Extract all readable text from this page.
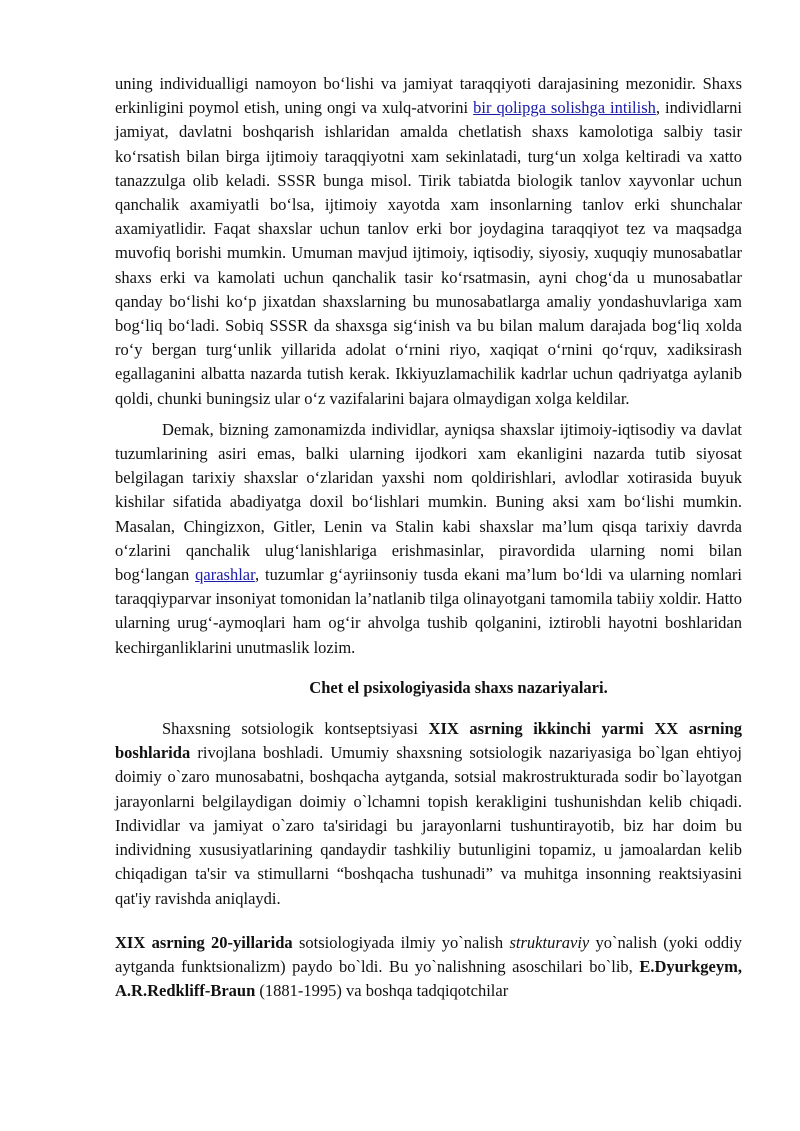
uning individualligi namoyon bo‘lishi va jamiyat taraqqiyoti darajasining mezonidir. Shaxs erkinligini poymol etish, uning ongi va xulq-atvorini bir qolipga solishga intilish, individlarni jamiyat, davlatni boshqarish ishlaridan amalda chetlatish shaxs kamolotiga salbiy tasir ko‘rsatish bilan birga ijtimoiy taraqqiyotni xam sekinlatadi, turg‘un xolga keltiradi va xatto tanazzulga olib keladi. SSSR bunga misol. Tirik tabiatda biologik tanlov xayvonlar uchun qanchalik axamiyatli bo‘lsa, ijtimoiy xayotda xam insonlarning tanlov erki shunchalar axamiyatlidir. Faqat shaxslar uchun tanlov erki bor joydagina taraqqiyot tez va maqsadga muvofiq borishi mumkin. Umuman mavjud ijtimoiy, iqtisodiy, siyosiy, xuquqiy munosabatlar shaxs erki va kamolati uchun qanchalik tasir ko‘rsatmasin, ayni chog‘da u munosabatlar qanday bo‘lishi ko‘p jixatdan shaxslarning bu munosabatlarga amaliy yondashuvlariga xam bog‘liq bo‘ladi. Sobiq SSSR da shaxsga sig‘inish va bu bilan malum darajada bog‘liq xolda ro‘y bergan turg‘unlik yillarida adolat o‘rnini riyo, xaqiqat o‘rnini qo‘rquv, xadiksirash egallaganini albatta nazarda tutish kerak. Ikkiyuzlamachilik kadrlar uchun qadriyatga aylanib qoldi, chunki buningsiz ular o‘z vazifalarini bajara olmaydigan xolga keldilar.

Demak, bizning zamonamizda individlar, ayniqsa shaxslar ijtimoiy-iqtisodiy va davlat tuzumlarining asiri emas, balki ularning ijodkori xam ekanligini nazarda tutib siyosat belgilagan tarixiy shaxslar o‘zlaridan yaxshi nom qoldirishlari, avlodlar xotirasida buyuk kishilar sifatida abadiyatga doxil bo‘lishlari mumkin. Buning aksi xam bo‘lishi mumkin. Masalan, Chingizxon, Gitler, Lenin va Stalin kabi shaxslar ma’lum qisqa tarixiy davrda o‘zlarini qanchalik ulug‘lanishlariga erishmasinlar, piravordida ularning nomi bilan bog‘langan qarashlar, tuzumlar g‘ayriinsoniy tusda ekani ma’lum bo‘ldi va ularning nomlari taraqqiyparvar insoniyat tomonidan la’natlanib tilga olinayotgani tamomila tabiiy xoldir. Hatto ularning urug‘-aymoqlari ham og‘ir ahvolga tushib qolganini, iztirobli hayotni boshlaridan kechirganliklarini unutmaslik lozim.

Chet el psixologiyasida shaxs nazariyalari.

Shaxsning sotsiologik kontseptsiyasi XIX asrning ikkinchi yarmi XX asrning boshlarida rivojlana boshladi. Umumiy shaxsning sotsiologik nazariyasiga bo`lgan ehtiyoj doimiy o`zaro munosabatni, boshqacha aytganda, sotsial makrostrukturada sodir bo`layotgan jarayonlarni belgilaydigan doimiy o`lchamni topish kerakligini tushunishdan kelib chiqadi. Individlar va jamiyat o`zaro ta'siridagi bu jarayonlarni tushuntirayotib, biz har doim bu individning xususiyatlarining qandaydir tashkiliy butunligini topamiz, u jamoalardan kelib chiqadigan ta'sir va stimullarni “boshqacha tushunadi” va muhitga insonning reaktsiyasini qat'iy ravishda aniqlaydi.

XIX asrning 20-yillarida sotsiologiyada ilmiy yo`nalish strukturaviy yo`nalish (yoki oddiy aytganda funktsionalizm) paydo bo`ldi. Bu yo`nalishning asoschilari bo`lib, E.Dyurkgeym, A.R.Redkliff-Braun (1881-1995) va boshqa tadqiqotchilar
